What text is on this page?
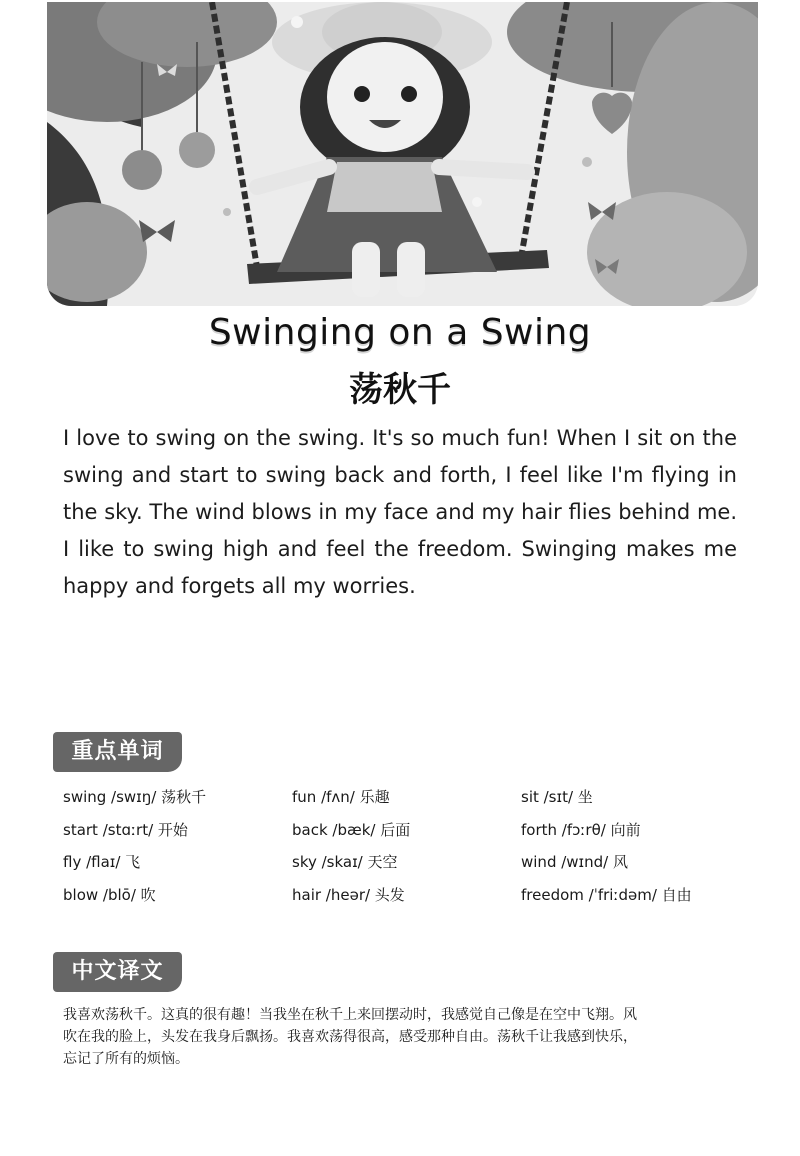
Swinging on a Swing
荡秋千

I love to swing on the swing. It's so much fun! When I sit on the swing and start to swing back and forth, I feel like I'm flying in the sky. The wind blows in my face and my hair flies behind me. I like to swing high and feel the freedom. Swinging makes me happy and forgets all my worries.

重点单词
swing /swɪŋ/ 荡秋千	fun /fʌn/ 乐趣	sit /sɪt/ 坐
start /stɑːrt/ 开始	back /bæk/ 后面	forth /fɔːrθ/ 向前
fly /flaɪ/ 飞	sky /skaɪ/ 天空	wind /wɪnd/ 风
blow /blō/ 吹	hair /heər/ 头发	freedom /ˈfriːdəm/ 自由
中文译文

我喜欢荡秋千。这真的很有趣！当我坐在秋千上来回摆动时，我感觉自己像是在空中飞翔。风吹在我的脸上，头发在我身后飘扬。我喜欢荡得很高，感受那种自由。荡秋千让我感到快乐，忘记了所有的烦恼。
